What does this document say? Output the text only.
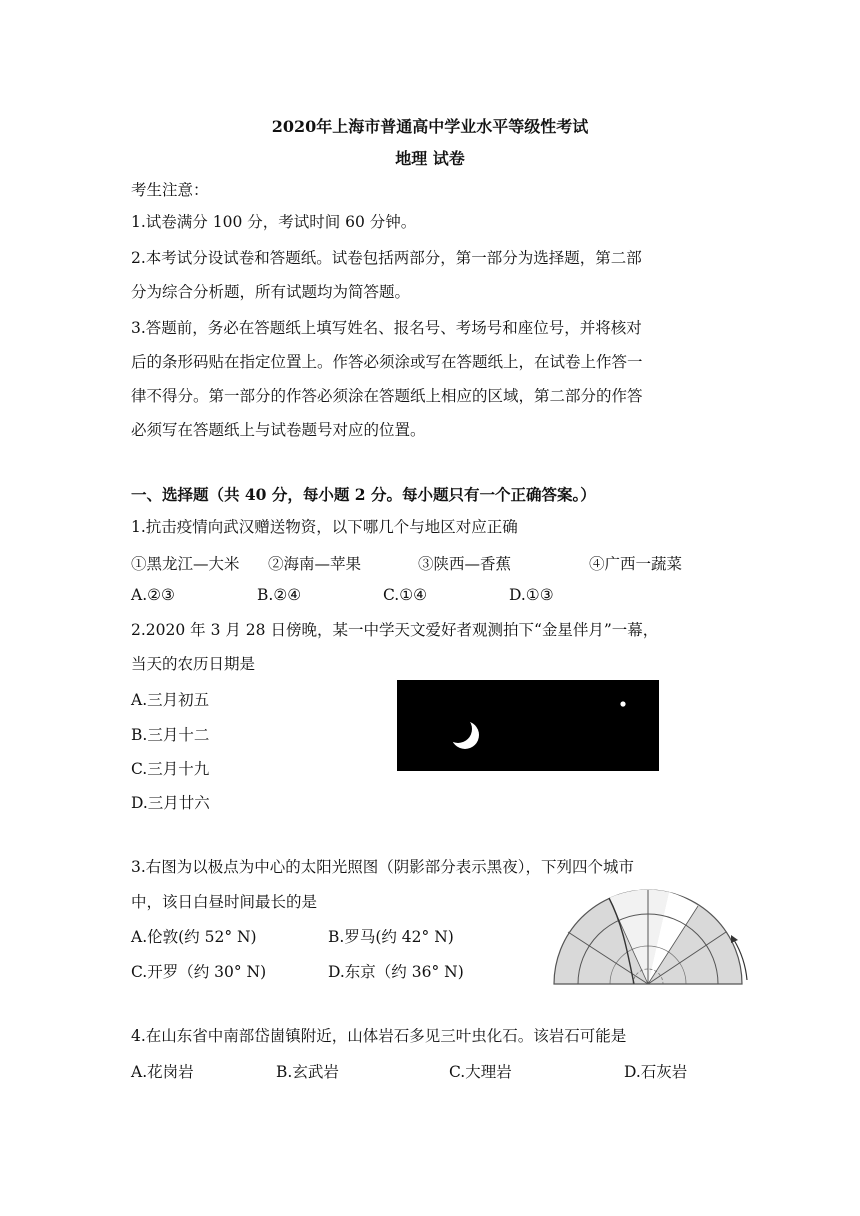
2020年上海市普通高中学业水平等级性考试
地理 试卷
考生注意：
1.试卷满分 100 分，考试时间 60 分钟。
2.本考试分设试卷和答题纸。试卷包括两部分，第一部分为选择题，第二部
分为综合分析题，所有试题均为简答题。
3.答题前，务必在答题纸上填写姓名、报名号、考场号和座位号，并将核对
后的条形码贴在指定位置上。作答必须涂或写在答题纸上，在试卷上作答一
律不得分。第一部分的作答必须涂在答题纸上相应的区域，第二部分的作答
必须写在答题纸上与试卷题号对应的位置。
一、选择题（共 40 分，每小题 2 分。每小题只有一个正确答案。）
1.抗击疫情向武汉赠送物资，以下哪几个与地区对应正确
①黑龙江—大米 ②海南—苹果	③陕西—香蕉	④广西一蔬菜
A.②③	B.②④	C.①④	D.①③
2.2020 年 3 月 28 日傍晚，某一中学天文爱好者观测拍下“金星伴月”一幕，
当天的农历日期是
A.三月初五
B.三月十二
C.三月十九
D.三月廿六
3.右图为以极点为中心的太阳光照图（阴影部分表示黑夜），下列四个城市
中，该日白昼时间最长的是
A.伦敦(约 52° N)	B.罗马(约 42° N)
C.开罗（约 30° N)	D.东京（约 36° N)
4.在山东省中南部岱崮镇附近，山体岩石多见三叶虫化石。该岩石可能是
A.花岗岩	B.玄武岩	C.大理岩	D.石灰岩
